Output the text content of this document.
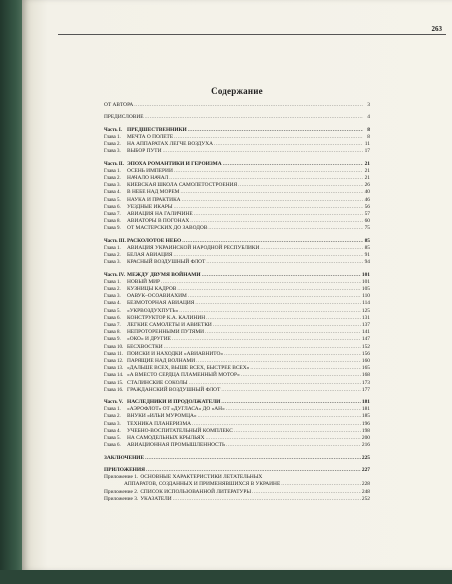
263
Содержание
ОТ АВТОРА .....	3
ПРЕДИСЛОВИЕ .....	4
Часть I. ПРЕДШЕСТВЕННИКИ .....	8
Глава 1.	МЕЧТА О ПОЛЕТЕ .....	8
Глава 2.	НА АППАРАТАХ ЛЕГЧЕ ВОЗДУХА .....	11
Глава 3.	ВЫБОР ПУТИ .....	17
Часть II. ЭПОХА РОМАНТИКИ И ГЕРОИЗМА .....	21
Глава 1.	ОСЕНЬ ИМПЕРИИ .....	21
Глава 2.	НАЧАЛО НАЧАЛ .....	21
Глава 3.	КИЕВСКАЯ ШКОЛА САМОЛЕТОСТРОЕНИЯ .....	26
Глава 4.	В НЕБЕ НАД МОРЕМ .....	40
Глава 5.	НАУКА И ПРАКТИКА .....	46
Глава 6.	УЕЗДНЫЕ ИКАРЫ .....	56
Глава 7.	АВИАЦИЯ НА ГАЛИЧИНЕ .....	57
Глава 8.	АВИАТОРЫ В ПОГОНАХ .....	60
Глава 9.	ОТ МАСТЕРСКИХ ДО ЗАВОДОВ .....	75
Часть III. РАСКОЛОТОЕ НЕБО .....	85
Глава 1.	АВИАЦИЯ УКРАИНСКОЙ НАРОДНОЙ РЕСПУБЛИКИ .....	85
Глава 2.	БЕЛАЯ АВИАЦИЯ .....	91
Глава 3.	КРАСНЫЙ ВОЗДУШНЫЙ ФЛОТ .....	94
Часть IV. МЕЖДУ ДВУМЯ ВОЙНАМИ .....	101
Глава 1.	НОВЫЙ МИР .....	101
Глава 2.	КУЗНИЦЫ КАДРОВ .....	105
Глава 3.	ОАВУК–ОСОАВИАХИМ .....	110
Глава 4.	БЕЗМОТОРНАЯ АВИАЦИЯ .....	114
Глава 5.	«УКРВОЗДУХПУТЬ» .....	125
Глава 6.	КОНСТРУКТОР К.А. КАЛИНИН .....	131
Глава 7.	ЛЕГКИЕ САМОЛЕТЫ И АВИЕТКИ .....	137
Глава 8.	НЕПРОТОРЕННЫМИ ПУТЯМИ .....	141
Глава 9.	«ОКО» И ДРУГИЕ .....	147
Глава 10. БЕСХВОСТКИ .....	152
Глава 11. ПОИСКИ И НАХОДКИ «АВИАВНИТО» .....	156
Глава 12. ПАРЯЩИЕ НАД ВОЛНАМИ .....	160
Глава 13. «ДАЛЬШЕ ВСЕХ, ВЫШЕ ВСЕХ, БЫСТРЕЕ ВСЕХ» .....	165
Глава 14. «А ВМЕСТО СЕРДЦА ПЛАМЕННЫЙ МОТОР» .....	168
Глава 15. СТАЛИНСКИЕ СОКОЛЫ .....	173
Глава 16. ГРАЖДАНСКИЙ ВОЗДУШНЫЙ ФЛОТ .....	177
Часть V. НАСЛЕДНИКИ И ПРОДОЛЖАТЕЛИ .....	181
Глава 1.	«АЭРОФЛОТ» ОТ «ДУГЛАСА» ДО «АН» .....	181
Глава 2.	ВНУКИ «ИЛЬИ МУРОМЦА» .....	185
Глава 3.	ТЕХНИКА ПЛАНЕРИЗМА .....	196
Глава 4.	УЧЕБНО-ВОСПИТАТЕЛЬНЫЙ КОМПЛЕКС .....	198
Глава 5.	НА САМОДЕЛЬНЫХ КРЫЛЬЯХ .....	200
Глава 6.	АВИАЦИОННАЯ ПРОМЫШЛЕННОСТЬ .....	216
ЗАКЛЮЧЕНИЕ .....	225
ПРИЛОЖЕНИЯ .....	227
Приложение 1. ОСНОВНЫЕ ХАРАКТЕРИСТИКИ ЛЕТАТЕЛЬНЫХ
АППАРАТОВ, СОЗДАННЫХ И ПРИМЕНЯВШИХСЯ В УКРАИНЕ .....	228
Приложение 2. СПИСОК ИСПОЛЬЗОВАННОЙ ЛИТЕРАТУРЫ .....	248
Приложение 3. УКАЗАТЕЛИ .....	252
